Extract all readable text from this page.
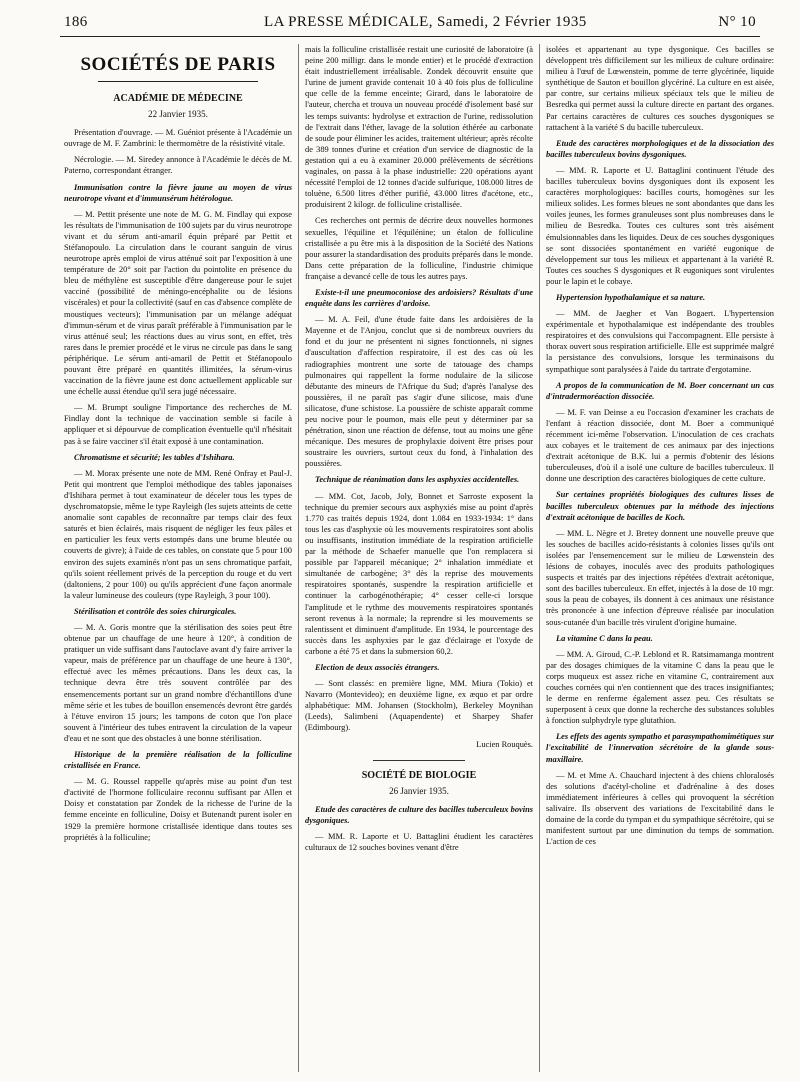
186	LA PRESSE MÉDICALE, Samedi, 2 Février 1935	N° 10
SOCIÉTÉS DE PARIS
ACADÉMIE DE MÉDECINE
22 Janvier 1935.

Présentation d'ouvrage. — M. Guéniot présente à l'Académie un ouvrage de M. F. Zambrini: le thermomètre de la résistivité vitale.

Nécrologie. — M. Siredey annonce à l'Académie le décès de M. Paterno, correspondant étranger.

Immunisation contre la fièvre jaune au moyen de virus neurotrope vivant et d'immunsérum hétérologue.

— M. Pettit présente une note de M. G. M. Findlay qui expose les résultats de l'immunisation de 100 sujets par du virus neurotrope vivant et du sérum anti-amaril équin préparé par Pettit et Stéfanopoulo. La circulation dans le courant sanguin de virus neurotrope après emploi de virus atténué soit par l'exposition à une température de 20° soit par l'action du pointolite en présence du bleu de méthylène est susceptible d'être dangereuse pour le sujet vacciné (possibilité de méningo-encéphalite ou de lésions viscérales) et pour la collectivité (sauf en cas d'absence complète de moustiques vecteurs); l'immunisation par un mélange adéquat d'immun-sérum et de virus paraît préférable à l'immunisation par le virus atténué seul; les réactions dues au virus sont, en effet, très rares dans le premier procédé et le virus ne circule pas dans le sang périphérique. Le sérum anti-amaril de Pettit et Stéfanopoulo pouvant être préparé en quantités illimitées, la sérum-virus vaccination de la fièvre jaune est donc actuellement applicable sur une échelle aussi étendue qu'il sera jugé nécessaire.

— M. Brumpt souligne l'importance des recherches de M. Findlay dont la technique de vaccination semble si facile à appliquer et si dépourvue de complication éventuelle qu'il n'hésitait pas à se faire vacciner s'il était exposé à une contamination.

Chromatisme et sécurité; les tables d'Ishihara.

— M. Morax présente une note de MM. René Onfray et Paul-J. Petit qui montrent que l'emploi méthodique des tables japonaises d'Ishihara permet à tout examinateur de déceler tous les types de dyschromatopsie, même le type Rayleigh (les sujets atteints de cette anomalie sont capables de reconnaître par temps clair des feux saturés et bien éclairés, mais risquent de négliger les feux pâles et en particulier les feux verts estompés dans une brume bleutée ou couverts de givre); à l'aide de ces tables, on constate que 5 pour 100 environ des sujets examinés n'ont pas un sens chromatique parfait, qu'ils soient réellement privés de la perception du rouge et du vert (daltoniens, 2 pour 100) ou qu'ils apprécient d'une façon anormale la valeur lumineuse des couleurs (type Rayleigh, 3 pour 100).

Stérilisation et contrôle des soies chirurgicales.

— M. A. Goris montre que la stérilisation des soies peut être obtenue par un chauffage de une heure à 120°, à condition de pratiquer un vide suffisant dans l'autoclave avant d'y faire arriver la vapeur, mais de préférence par un chauffage de une heure à 130°, effectué avec les mêmes précautions. Dans les deux cas, la technique devra être très souvent contrôlée par des ensemencements portant sur un grand nombre d'échantillons d'une même série et les tubes de bouillon ensemencés devront être gardés à l'étuve environ 15 jours; les tampons de coton que l'on place souvent à l'intérieur des tubes entravent la circulation de la vapeur d'eau et ne sont que des obstacles à une bonne stérilisation.

Historique de la première réalisation de la folliculine cristallisée en France.

— M. G. Roussel rappelle qu'après mise au point d'un test d'activité de l'hormone folliculaire reconnu suffisant par Allen et Doisy et constatation par Zondek de la richesse de l'urine de la femme enceinte en folliculine, Doisy et Butenandt purent isoler en 1929 la première hormone cristallisée identique dans toutes ses propriétés à la folliculine;

mais la folliculine cristallisée restait une curiosité de laboratoire (à peine 200 milligr. dans le monde entier) et le procédé d'extraction était industriellement irréalisable. Zondek découvrit ensuite que l'urine de jument gravide contenait 10 à 40 fois plus de folliculine que celle de la femme enceinte; Girard, dans le laboratoire de l'auteur, chercha et trouva un nouveau procédé d'isolement basé sur les temps suivants: hydrolyse et extraction de l'urine, redissolution de l'extrait dans l'éther, lavage de la solution éthérée au carbonate de soude pour éliminer les acides, traitement ultérieur; après récolte de 389 tonnes d'urine et création d'un service de diagnostic de la gestation qui a eu à examiner 20.000 prélèvements de sécrétions vaginales, on passa à la phase industrielle: 220 opérations ayant nécessité l'emploi de 12 tonnes d'acide sulfurique, 108.000 litres de toluène, 6.500 litres d'éther purifié, 43.000 litres d'acétone, etc., produisirent 2 kilogr. de folliculine cristallisée.

Ces recherches ont permis de décrire deux nouvelles hormones sexuelles, l'équiline et l'équilénine; un étalon de folliculine cristallisée a pu être mis à la disposition de la Société des Nations pour assurer la standardisation des produits préparés dans le monde. Dans cette préparation de la folliculine, l'industrie chimique française a devancé celle de tous les autres pays.

Existe-t-il une pneumoconiose des ardoisiers? Résultats d'une enquête dans les carrières d'ardoise.

— M. A. Feil, d'une étude faite dans les ardoisières de la Mayenne et de l'Anjou, conclut que si de nombreux ouvriers du fond et du jour ne présentent ni signes fonctionnels, ni signes d'auscultation d'affection respiratoire, il est des cas où les radiographies montrent une sorte de tatouage des champs pulmonaires qui rappellent la forme nodulaire de la silicose débutante des mineurs de l'Afrique du Sud; d'après l'analyse des poussières, il ne paraît pas s'agir d'une silicose, mais d'une silicatose, d'une schistose. La poussière de schiste apparaît comme peu nocive pour le poumon, mais elle peut y déterminer par sa pénétration, sinon une réaction de défense, tout au moins une gêne mécanique. Des mesures de prophylaxie doivent être prises pour soustraire les ouvriers, surtout ceux du fond, à l'inhalation des poussières.

Technique de réanimation dans les asphyxies accidentelles.

— MM. Cot, Jacob, Joly, Bonnet et Sarroste exposent la technique du premier secours aux asphyxiés mise au point d'après 1.770 cas traités depuis 1924, dont 1.084 en 1933-1934: 1° dans tous les cas d'asphyxie où les mouvements respiratoires sont abolis ou insuffisants, institution immédiate de la respiration artificielle par la méthode de Schaefer manuelle que l'on remplacera si possible par l'appareil mécanique; 2° inhalation immédiate et simultanée de carbogène; 3° dès la reprise des mouvements respiratoires spontanés, suspendre la respiration artificielle et continuer la carbogénothérapie; 4° cesser celle-ci lorsque l'amplitude et le rythme des mouvements respiratoires spontanés seront revenus à la normale; la reprendre si les mouvements se ralentissent et diminuent d'amplitude. En 1934, le pourcentage des succès dans les asphyxies par le gaz d'éclairage et l'oxyde de carbone a été 75 et dans la submersion 60,2.

Election de deux associés étrangers.

— Sont classés: en première ligne, MM. Miura (Tokio) et Navarro (Montevideo); en deuxième ligne, ex æquo et par ordre alphabétique: MM. Johansen (Stockholm), Berkeley Moynihan (Leeds), Salimbeni (Aquapendente) et Sharpey Shafer (Edimbourg).

Lucien Rouquès.
SOCIÉTÉ DE BIOLOGIE
26 Janvier 1935.

Etude des caractères de culture des bacilles tuberculeux bovins dysgoniques.

— MM. R. Laporte et U. Battaglini étudient les caractères culturaux de 12 souches bovines venant d'être

isolées et appartenant au type dysgonique. Ces bacilles se développent très difficilement sur les milieux de culture ordinaire: milieu à l'œuf de Lœwenstein, pomme de terre glycérinée, liquide synthétique de Sauton et bouillon glycériné. La culture en est aisée, par contre, sur certains milieux spéciaux tels que le milieu de Besredka qui permet aussi la culture directe en partant des organes. Par certains caractères de cultures ces souches dysgoniques se rattachent à la variété S du bacille tuberculeux.

Etude des caractères morphologiques et de la dissociation des bacilles tuberculeux bovins dysgoniques.

— MM. R. Laporte et U. Battaglini continuent l'étude des bacilles tuberculeux bovins dysgoniques dont ils exposent les caractères morphologiques: bacilles courts, homogènes sur les milieux solides. Les formes bleues ne sont abondantes que dans les voiles jeunes, les formes granuleuses sont plus nombreuses dans le milieu de Besredka. Toutes ces cultures sont très aisément émulsionnables dans les liquides. Deux de ces souches dysgoniques se sont dissociées spontanément en variété eugonique de développement sur tous les milieux et appartenant à la variété R. Toutes ces souches S dysgoniques et R eugoniques sont virulentes pour le lapin et le cobaye.

Hypertension hypothalamique et sa nature.

— MM. de Jaegher et Van Bogaert. L'hypertension expérimentale et hypothalamique est indépendante des troubles respiratoires et des convulsions qui l'accompagnent. Elle persiste à thorax ouvert sous respiration artificielle. Elle est supprimée malgré la persistance des convulsions, lorsque les terminaisons du sympathique sont paralysées à l'aide du tartrate d'ergotamine.

A propos de la communication de M. Boer concernant un cas d'intradermoréaction dissociée.

— M. F. van Deinse a eu l'occasion d'examiner les crachats de l'enfant à réaction dissociée, dont M. Boer a communiqué récemment ici-même l'observation. L'inoculation de ces crachats aux cobayes et le traitement de ces animaux par des injections d'extrait acétonique de B.K. lui a permis d'obtenir des lésions tuberculeuses, d'où il a isolé une culture de bacilles tuberculeux. Il donne une description des caractères biologiques de cette culture.

Sur certaines propriétés biologiques des cultures lisses de bacilles tuberculeux obtenues par la méthode des injections d'extrait acétonique de bacilles de Koch.

— MM. L. Nègre et J. Bretey donnent une nouvelle preuve que les souches de bacilles acido-résistants à colonies lisses qu'ils ont isolées par l'ensemencement sur le milieu de Lœwenstein des lésions de cobayes, inoculés avec des produits pathologiques suspects et traités par des injections répétées d'extrait acétonique, sont des bacilles tuberculeux. En effet, injectés à la dose de 10 mgr. sous la peau de cobayes, ils donnent à ces animaux une résistance très prononcée à une infection d'épreuve réalisée par inoculation sous-cutanée d'un bacille très virulent d'origine humaine.

La vitamine C dans la peau.

— MM. A. Giroud, C.-P. Leblond et R. Ratsimamanga montrent par des dosages chimiques de la vitamine C dans la peau que le corps muqueux est assez riche en vitamine C, contrairement aux couches cornées qui n'en contiennent que des traces insignifiantes; le derme en renferme également assez peu. Ces résultats se superposent à ceux que donne la recherche des substances solubles à fonction sulphydryle type glutathion.

Les effets des agents sympatho et parasympathomimétiques sur l'excitabilité de l'innervation sécrétoire de la glande sous-maxillaire.

— M. et Mme A. Chauchard injectent à des chiens chloralosés des solutions d'acétyl-choline et d'adrénaline à des doses immédiatement inférieures à celles qui provoquent la sécrétion salivaire. Ils observent des variations de l'excitabilité dans le domaine de la corde du tympan et du sympathique sécrétoire, qui se manifestent surtout par une diminution du temps de sommation. L'action de ces
